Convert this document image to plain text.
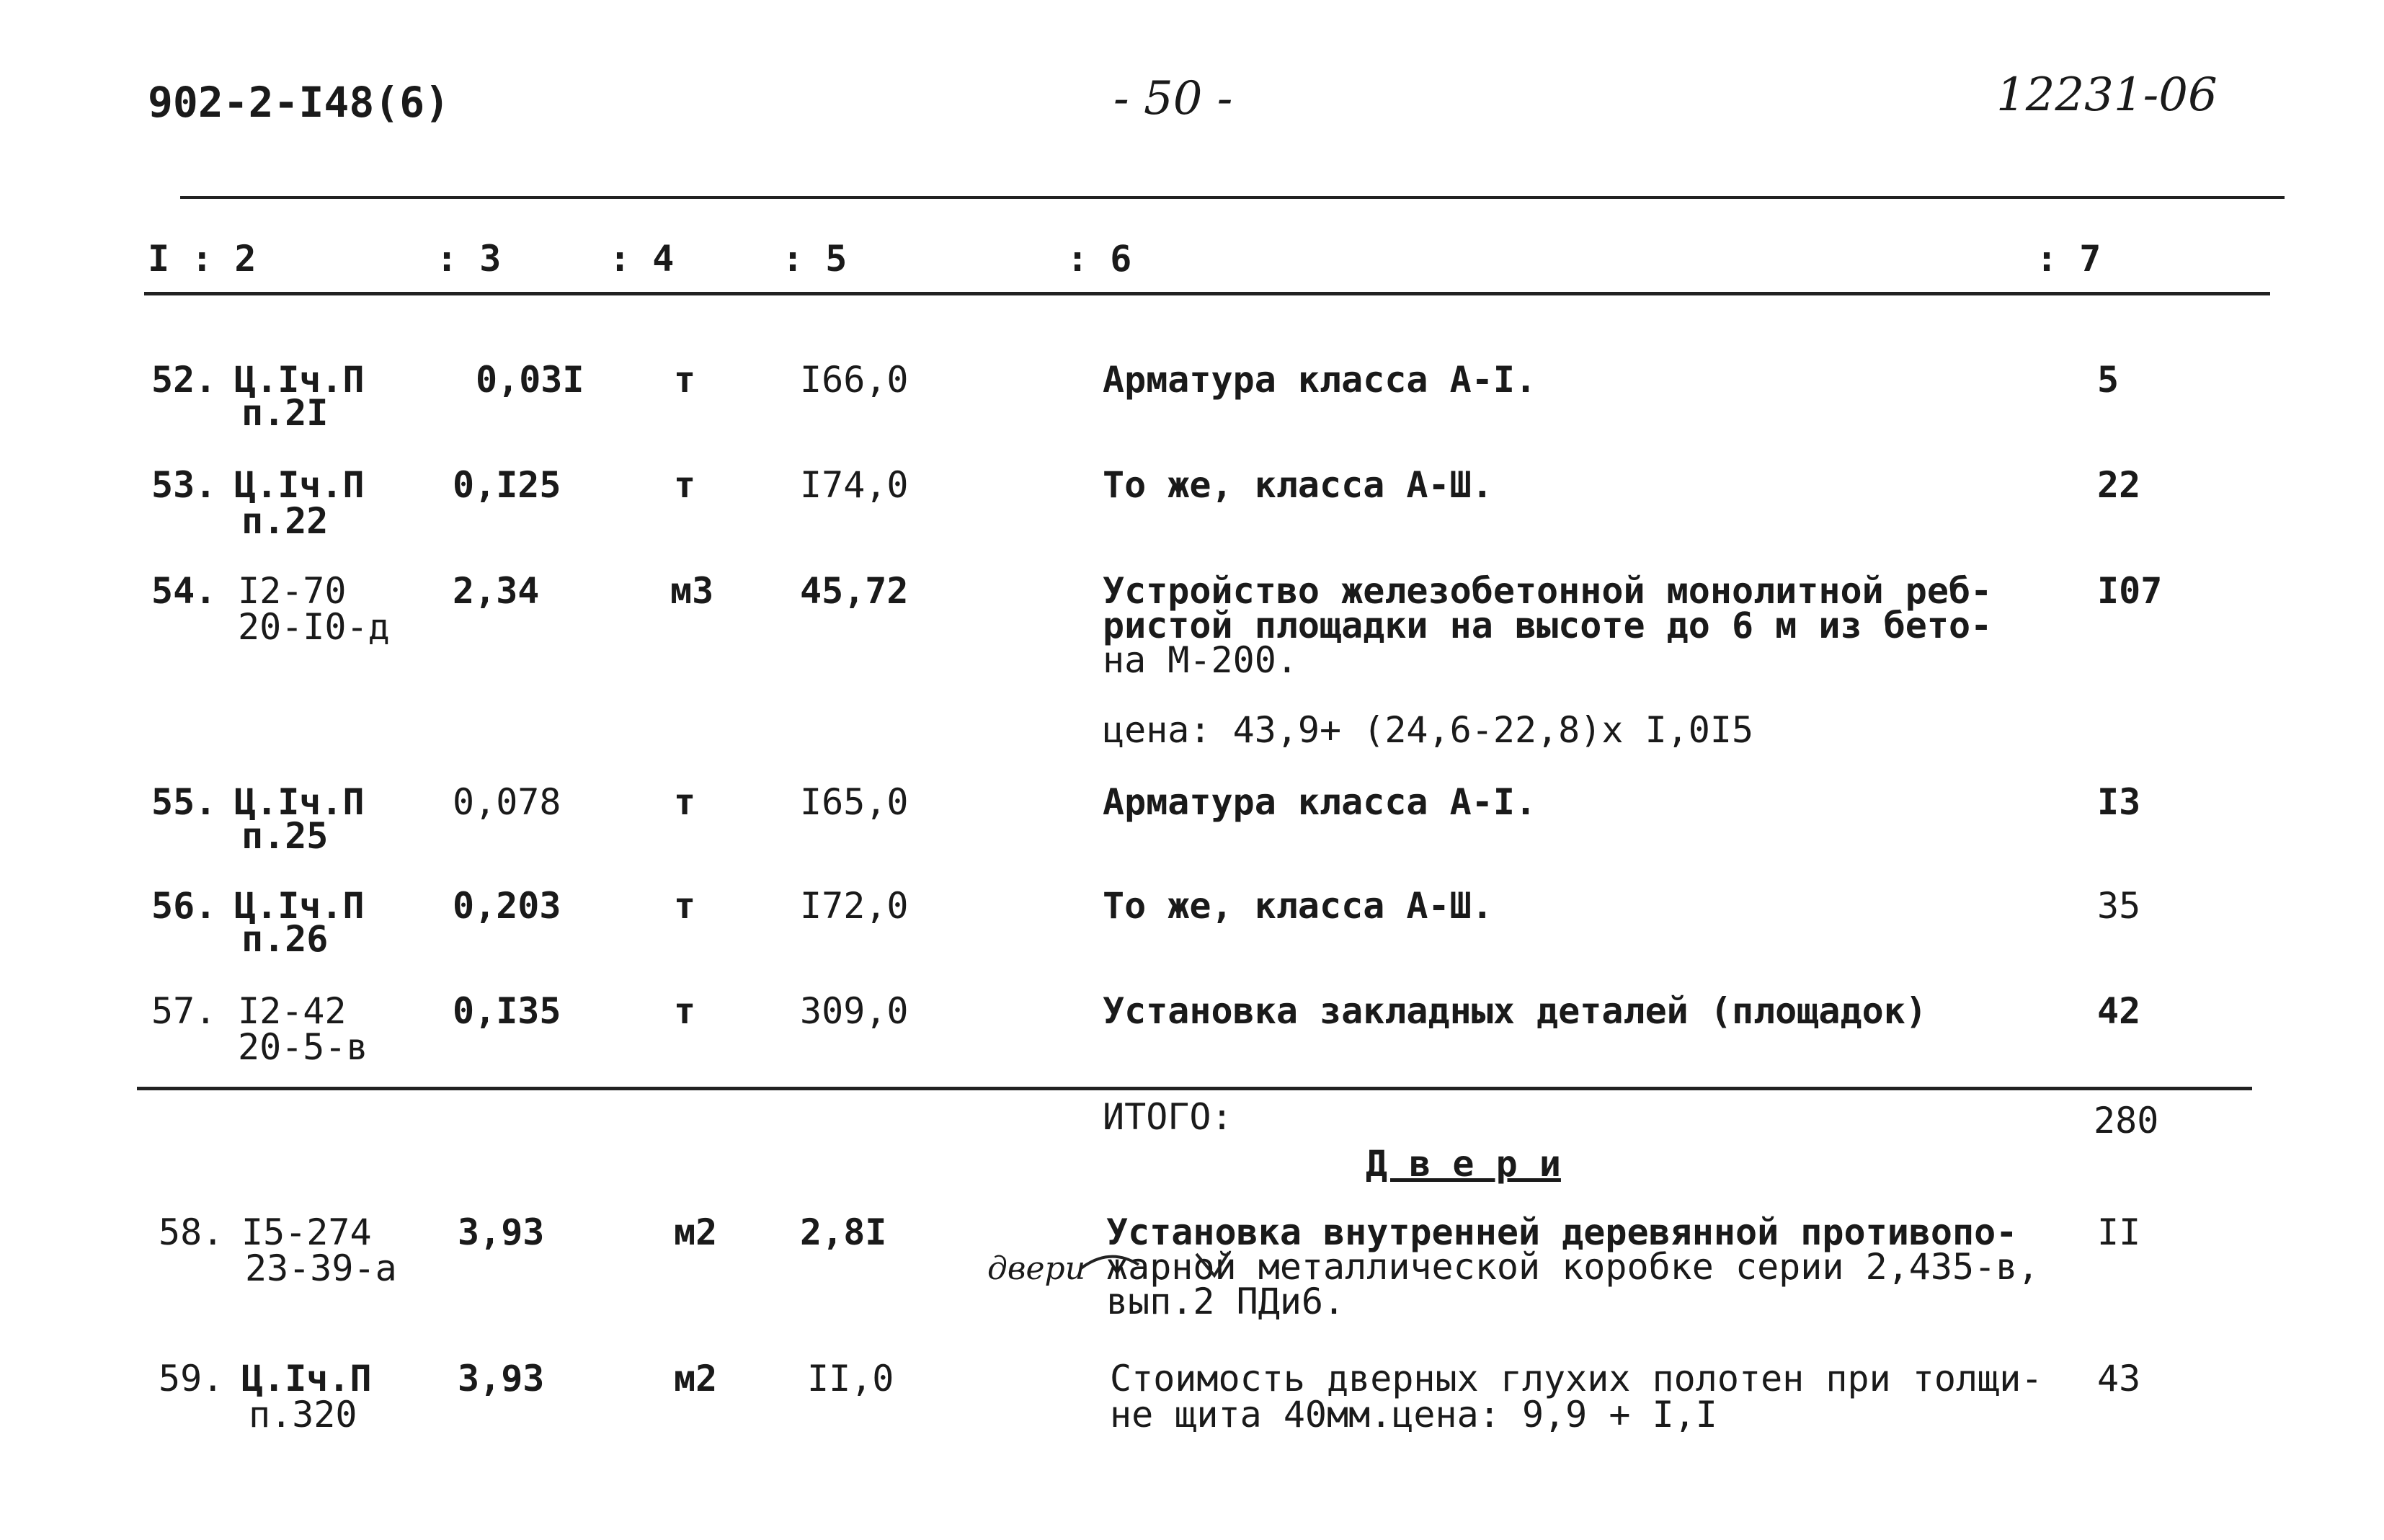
902-2-I48(6)	- 50 -	12231-06
I : 2	: 3	: 4	: 5	: 6	: 7
52. Ц.Iч.П
п.2I
0,03I т	I66,0	Арматура класса А-I.	5
53. Ц.Iч.П
п.22
0,I25	т	I74,0	То же, класса А-Ш.	22
54. I2-70
20-I0-д
2,34	м3 45,72	Устройство железобетонной монолитной реб-
ристой площадки на высоте до 6 м из бето-
на М-200.
I07
цена: 43,9+ (24,6-22,8)х I,0I5
55. Ц.Iч.П
п.25
0,078	т	I65,0	Арматура класса А-I.	I3
56. Ц.Iч.П
п.26
0,203	т	I72,0	То же, класса А-Ш.	35
57. I2-42
20-5-в
0,I35	т	309,0	Установка закладных деталей (площадок)	42
ИТОГО:	280
Д в е р и
58. I5-274
23-39-а
3,93	м2 2,8I	Установка внутренней деревянной противопо-
жарной металлической коробке серии 2,435-в,
вып.2 ПДи6.
II
двери
59. Ц.Iч.П
п.320
3,93	м2 II,0	Стоимость дверных глухих полотен при толщи-
не щита 40мм.цена: 9,9 + I,I
43
